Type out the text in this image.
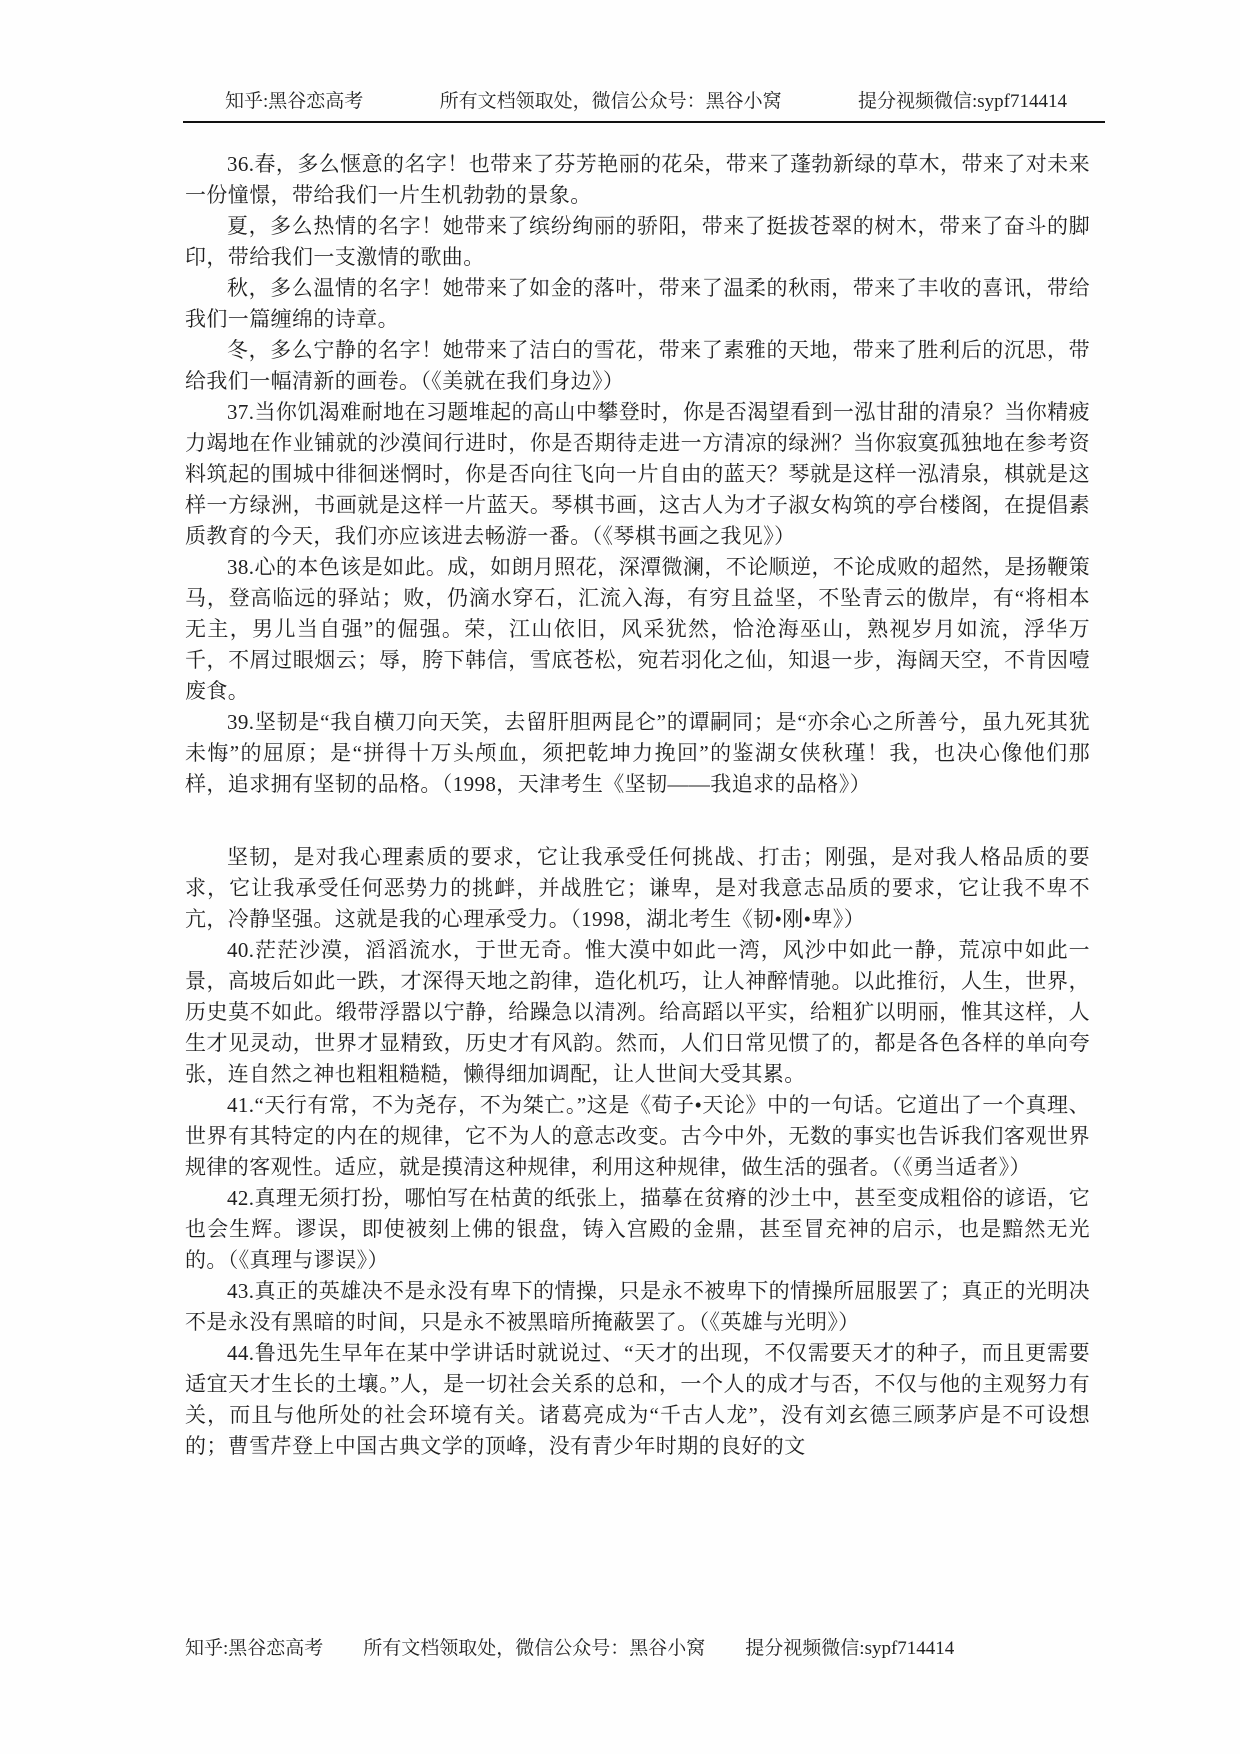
知乎:黑谷恋高考	所有文档领取处，微信公众号：黑谷小窝	提分视频微信:sypf714414

36.春，多么惬意的名字！也带来了芬芳艳丽的花朵，带来了蓬勃新绿的草木，带来了对未来一份憧憬，带给我们一片生机勃勃的景象。

夏，多么热情的名字！她带来了缤纷绚丽的骄阳，带来了挺拔苍翠的树木，带来了奋斗的脚印，带给我们一支激情的歌曲。

秋，多么温情的名字！她带来了如金的落叶，带来了温柔的秋雨，带来了丰收的喜讯，带给我们一篇缠绵的诗章。

冬，多么宁静的名字！她带来了洁白的雪花，带来了素雅的天地，带来了胜利后的沉思，带给我们一幅清新的画卷。（《美就在我们身边》）

37.当你饥渴难耐地在习题堆起的高山中攀登时，你是否渴望看到一泓甘甜的清泉？当你精疲力竭地在作业铺就的沙漠间行进时，你是否期待走进一方清凉的绿洲？当你寂寞孤独地在参考资料筑起的围城中徘徊迷惘时，你是否向往飞向一片自由的蓝天？琴就是这样一泓清泉，棋就是这样一方绿洲，书画就是这样一片蓝天。琴棋书画，这古人为才子淑女构筑的亭台楼阁，在提倡素质教育的今天，我们亦应该进去畅游一番。（《琴棋书画之我见》）

38.心的本色该是如此。成，如朗月照花，深潭微澜，不论顺逆，不论成败的超然，是扬鞭策马，登高临远的驿站；败，仍滴水穿石，汇流入海，有穷且益坚，不坠青云的傲岸，有“将相本无主，男儿当自强”的倔强。荣，江山依旧，风采犹然，恰沧海巫山，熟视岁月如流，浮华万千，不屑过眼烟云；辱，胯下韩信，雪底苍松，宛若羽化之仙，知退一步，海阔天空，不肯因噎废食。

39.坚韧是“我自横刀向天笑，去留肝胆两昆仑”的谭嗣同；是“亦余心之所善兮，虽九死其犹未悔”的屈原；是“拼得十万头颅血，须把乾坤力挽回”的鉴湖女侠秋瑾！我，也决心像他们那样，追求拥有坚韧的品格。（1998，天津考生《坚韧——我追求的品格》）

坚韧，是对我心理素质的要求，它让我承受任何挑战、打击；刚强，是对我人格品质的要求，它让我承受任何恶势力的挑衅，并战胜它；谦卑，是对我意志品质的要求，它让我不卑不亢，冷静坚强。这就是我的心理承受力。（1998，湖北考生《韧•刚•卑》）

40.茫茫沙漠，滔滔流水，于世无奇。惟大漠中如此一湾，风沙中如此一静，荒凉中如此一景，高坡后如此一跌，才深得天地之韵律，造化机巧，让人神醉情驰。以此推衍，人生，世界，历史莫不如此。缎带浮嚣以宁静，给躁急以清冽。给高蹈以平实，给粗犷以明丽，惟其这样，人生才见灵动，世界才显精致，历史才有风韵。然而，人们日常见惯了的，都是各色各样的单向夸张，连自然之神也粗粗糙糙，懒得细加调配，让人世间大受其累。

41.“天行有常，不为尧存，不为桀亡。”这是《荀子•天论》中的一句话。它道出了一个真理、世界有其特定的内在的规律，它不为人的意志改变。古今中外，无数的事实也告诉我们客观世界规律的客观性。适应，就是摸清这种规律，利用这种规律，做生活的强者。（《勇当适者》）

42.真理无须打扮，哪怕写在枯黄的纸张上，描摹在贫瘠的沙土中，甚至变成粗俗的谚语，它也会生辉。谬误，即使被刻上佛的银盘，铸入宫殿的金鼎，甚至冒充神的启示，也是黯然无光的。（《真理与谬误》）

43.真正的英雄决不是永没有卑下的情操，只是永不被卑下的情操所屈服罢了；真正的光明决不是永没有黑暗的时间，只是永不被黑暗所掩蔽罢了。（《英雄与光明》）

44.鲁迅先生早年在某中学讲话时就说过、“天才的出现，不仅需要天才的种子，而且更需要适宜天才生长的土壤。”人，是一切社会关系的总和，一个人的成才与否，不仅与他的主观努力有关，而且与他所处的社会环境有关。诸葛亮成为“千古人龙”，没有刘玄德三顾茅庐是不可设想的；曹雪芹登上中国古典文学的顶峰，没有青少年时期的良好的文

知乎:黑谷恋高考 所有文档领取处，微信公众号：黑谷小窝 提分视频微信:sypf714414
